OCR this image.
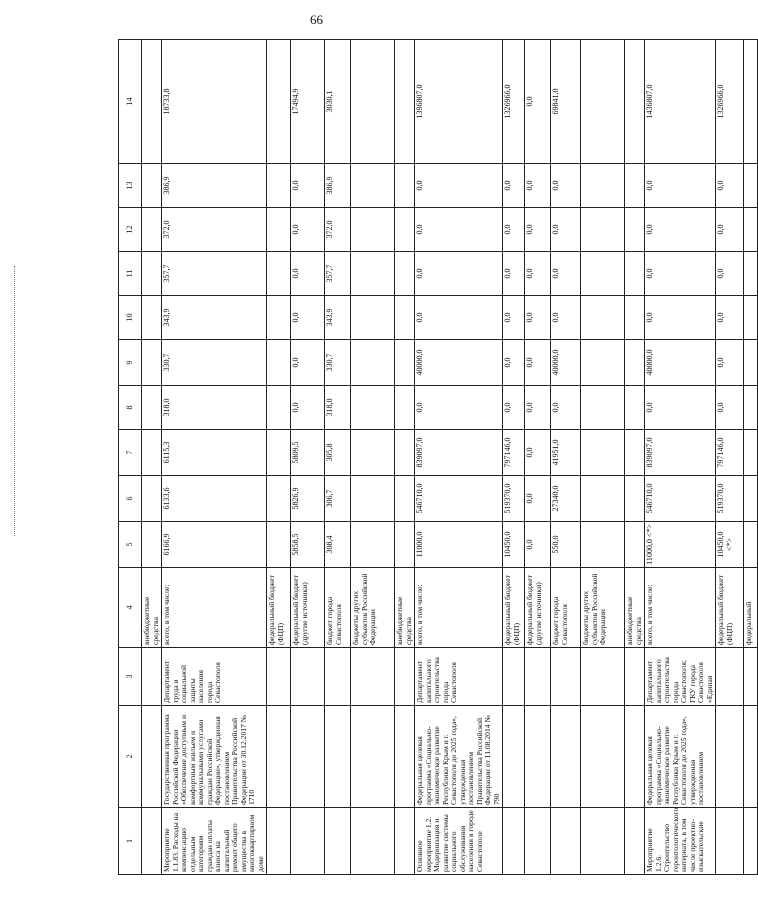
66
1	2	3	4	5	6	7	8	9	10	11	12	13	14
			внебюджетные средства										
Мероприятие 1.1.83. Расходы на компенсацию отдельным категориям граждан оплаты взноса на капитальный ремонт общего имущества в многоквартирном доме	Государственная программа Российской Федерации «Обеспечение доступным и комфортным жильем и коммунальными услугами граждан Российской Федерации», утвержденная постановлением Правительства Российской Федерации от 30.12.2017 № 1710	Департамент труда и социальной защиты населения города Севастополя	всего, в том числе:	6166,9	6133,6	6115,3	318,0	330,7	343,9	357,7	372,0	386,9	18733,8
			федеральный бюджет (ФЦП)										
			федеральный бюджет (другие источники)	5858,5	5826,9	5809,5	0,0	0,0	0,0	0,0	0,0	0,0	17494,9
			бюджет города Севастополя	308,4	306,7	305,8	318,0	330,7	343,9	357,7	372,0	386,9	3030,1
			бюджеты других субъектов Российской Федерации										
			внебюджетные средства										
Основное мероприятие 1.2. Модернизация и развитие системы социального обслуживания населения в городе Севастополе	Федеральная целевая программа «Социально-экономическое развитие Республики Крым и г. Севастополя до 2025 года», утвержденная постановлением Правительства Российской Федерации от 11.08.2014 № 790	Департамент капитального строительства города Севастополя	всего, в том числе:	11000,0	546710,0	839097,0	0,0	40000,0	0,0	0,0	0,0	0,0	1396807,0
			федеральный бюджет (ФЦП)	10450,0	519370,0	797146,0	0,0	0,0	0,0	0,0	0,0	0,0	1326966,0
			федеральный бюджет (другие источники)	0,0	0,0	0,0	0,0	0,0	0,0	0,0	0,0	0,0	0,0
			бюджет города Севастополя	550,0	27340,0	41951,0	0,0	40000,0	0,0	0,0	0,0	0,0	69841,0
			бюджеты других субъектов Российской Федерации										
			внебюджетные средства										
Мероприятие 1.2.6. Строительство геронтологического интерната, в том числе проектно-изыскательские	Федеральная целевая программа «Социально-экономическое развитие Республики Крым и г. Севастополя до 2025 года», утвержденная постановлением	Департамент капитального строительства города Севастополя; ГКУ города Севастополя «Единая	всего, в том числе:	11000,0 <*>	546710,0	839097,0	0,0	40000,0	0,0	0,0	0,0	0,0	1436807,0
			федеральный бюджет (ФЦП)	10450,0 <*>	519370,0	797146,0	0,0	0,0	0,0	0,0	0,0	0,0	1326966,0
			федеральный										
